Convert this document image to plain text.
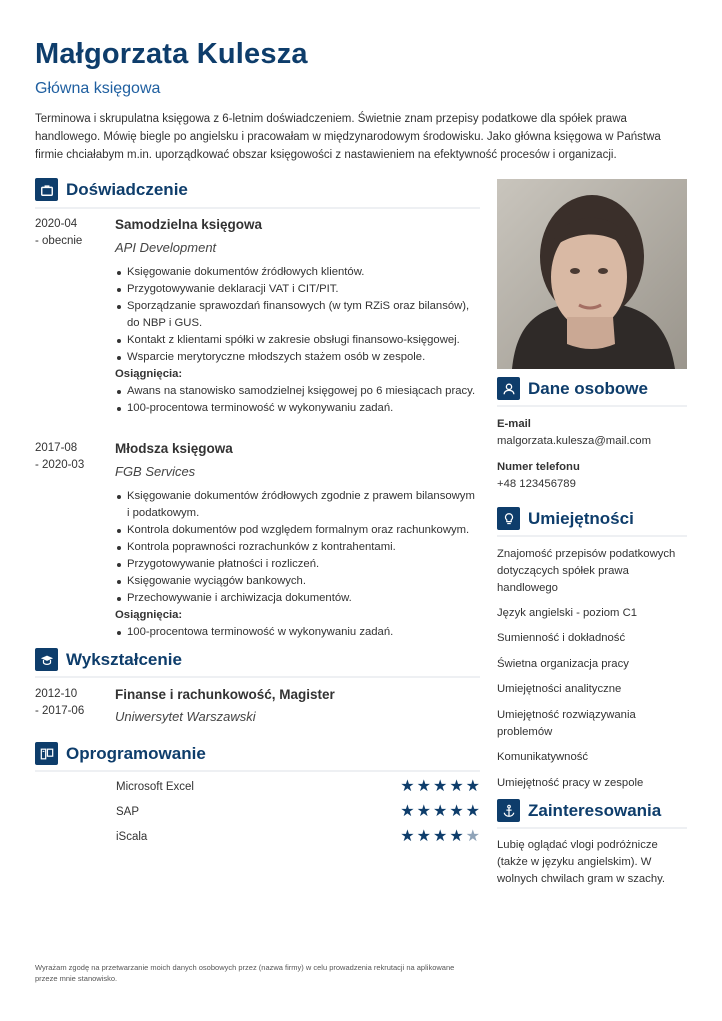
Małgorzata Kulesza

Główna księgowa

Terminowa i skrupulatna księgowa z 6-letnim doświadczeniem. Świetnie znam przepisy podatkowe dla spółek prawa handlowego. Mówię biegle po angielsku i pracowałam w międzynarodowym środowisku. Jako główna księgowa w Państwa firmie chciałabym m.in. uporządkować obszar księgowości z nastawieniem na efektywność procesów i organizacji.

Doświadczenie
2020-04
- obecnie

Samodzielna księgowa

API Development

Księgowanie dokumentów źródłowych klientów.
Przygotowywanie deklaracji VAT i CIT/PIT.
Sporządzanie sprawozdań finansowych (w tym RZiS oraz bilansów), do NBP i GUS.
Kontakt z klientami spółki w zakresie obsługi finansowo-księgowej.
Wsparcie merytoryczne młodszych stażem osób w zespole.
Osiągnięcia:
Awans na stanowisko samodzielnej księgowej po 6 miesiącach pracy.
100-procentowa terminowość w wykonywaniu zadań.
2017-08
- 2020-03

Młodsza księgowa

FGB Services

Księgowanie dokumentów źródłowych zgodnie z prawem bilansowym i podatkowym.
Kontrola dokumentów pod względem formalnym oraz rachunkowym.
Kontrola poprawności rozrachunków z kontrahentami.
Przygotowywanie płatności i rozliczeń.
Księgowanie wyciągów bankowych.
Przechowywanie i archiwizacja dokumentów.
Osiągnięcia:
100-procentowa terminowość w wykonywaniu zadań.
Wykształcenie
2012-10
- 2017-06

Finanse i rachunkowość, Magister

Uniwersytet Warszawski

Oprogramowanie
Microsoft Excel	★ ★ ★ ★ ★
SAP	★ ★ ★ ★ ★
iScala	★ ★ ★ ★ ★
Dane osobowe
E-mail
malgorzata.kulesza@mail.com
Numer telefonu
+48 123456789
Umiejętności
Znajomość przepisów podatkowych dotyczących spółek prawa handlowego
Język angielski - poziom C1
Sumienność i dokładność
Świetna organizacja pracy
Umiejętności analityczne
Umiejętność rozwiązywania problemów
Komunikatywność
Umiejętność pracy w zespole
Zainteresowania
Lubię oglądać vlogi podróżnicze (także w języku angielskim). W wolnych chwilach gram w szachy.
Wyrażam zgodę na przetwarzanie moich danych osobowych przez (nazwa firmy) w celu prowadzenia rekrutacji na aplikowane przeze mnie stanowisko.
